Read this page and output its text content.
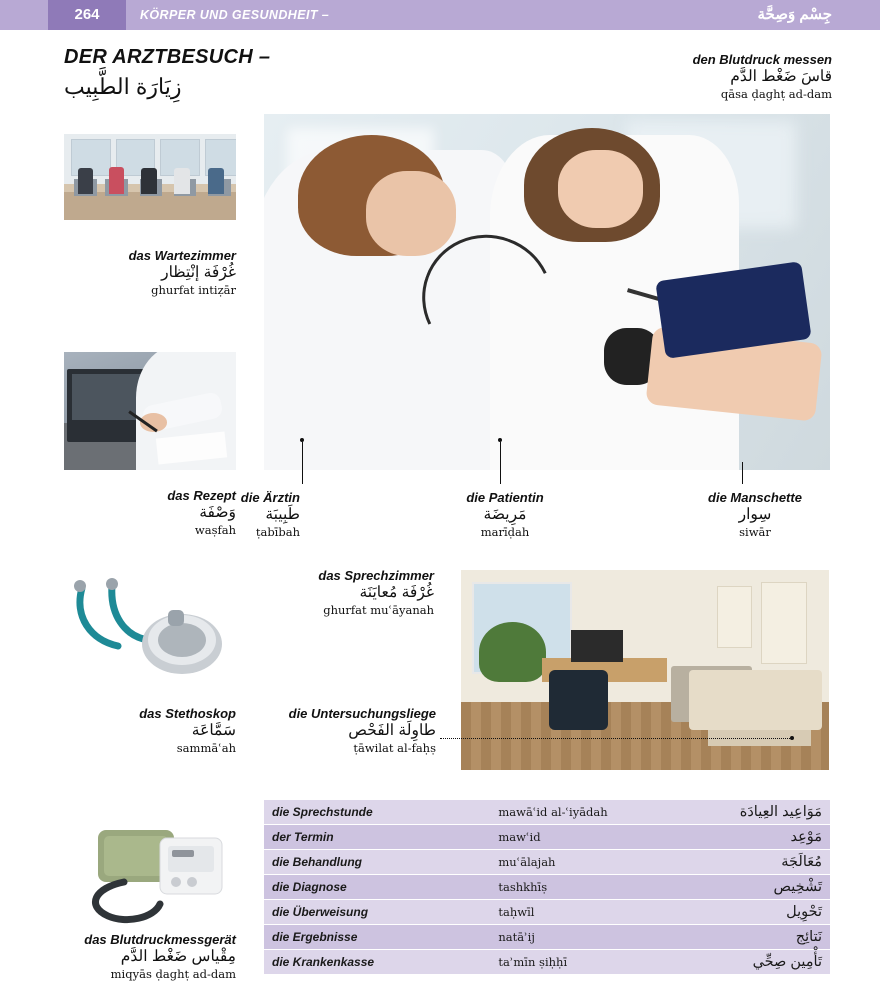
264	KÖRPER UND GESUNDHEIT –	جِسْم وَصِحَّة
DER ARZTBESUCH –
زِيَارَة الطَّبِيب
den Blutdruck messen
قاسَ ضَغْط الدَّم
qāsa ḍaghṭ ad-dam
das Wartezimmer
غُرْفَة إنْتِظار
ghurfat intiẓār
das Rezept
وَصْفَة
waṣfah
die Ärztin
طَبِيبَة
ṭabībah
die Patientin
مَرِيضَة
marīḍah
die Manschette
سِوار
siwār
das Stethoskop
سَمَّاعَة
sammāʿah
das Sprechzimmer
غُرْفَة مُعايَنَة
ghurfat muʿāyanah
die Untersuchungsliege
طاوِلَة الفَحْص
ṭāwilat al-faḥṣ
das Blutdruckmessgerät
مِقْياس ضَغْط الدَّم
miqyās ḍaghṭ ad-dam
die Sprechstunde	mawāʿid al-ʿiyādah	مَوَاعِيد العِيادَة
der Termin	mawʿid	مَوْعِد
die Behandlung	muʿālajah	مُعَالَجَة
die Diagnose	tashkhīṣ	تَشْخِيص
die Überweisung	taḥwīl	تَحْوِيل
die Ergebnisse	natāʾij	نَتائِج
die Krankenkasse	taʾmīn ṣiḥḥī	تَأْمِين صِحِّي
